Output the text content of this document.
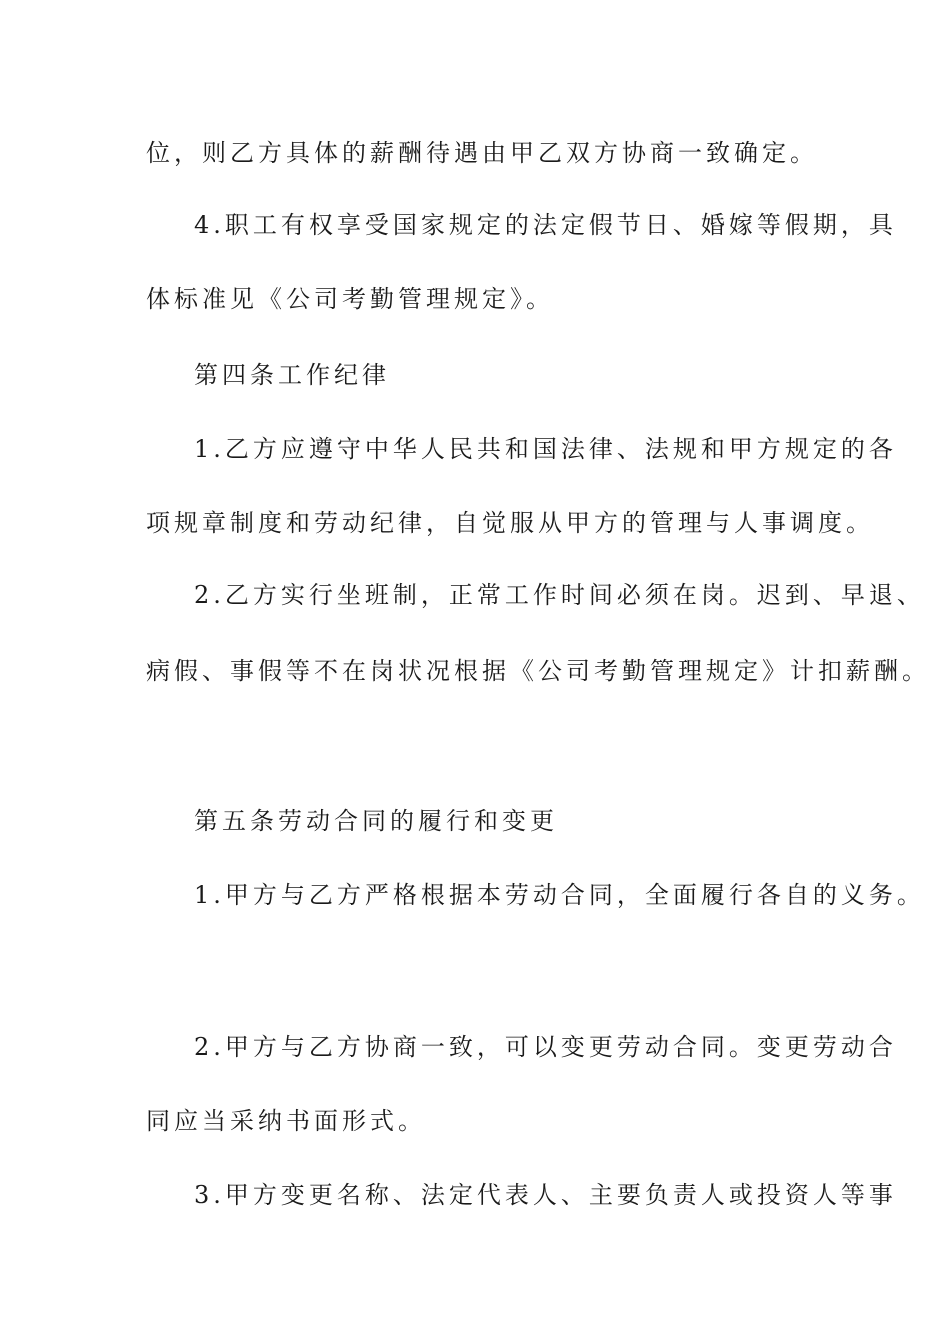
位，则乙方具体的薪酬待遇由甲乙双方协商一致确定。
4.职工有权享受国家规定的法定假节日、婚嫁等假期，具
体标准见《公司考勤管理规定》。
第四条工作纪律
1.乙方应遵守中华人民共和国法律、法规和甲方规定的各
项规章制度和劳动纪律，自觉服从甲方的管理与人事调度。
2.乙方实行坐班制，正常工作时间必须在岗。迟到、早退、
病假、事假等不在岗状况根据《公司考勤管理规定》计扣薪酬。
第五条劳动合同的履行和变更
1.甲方与乙方严格根据本劳动合同，全面履行各自的义务。
2.甲方与乙方协商一致，可以变更劳动合同。变更劳动合
同应当采纳书面形式。
3.甲方变更名称、法定代表人、主要负责人或投资人等事
